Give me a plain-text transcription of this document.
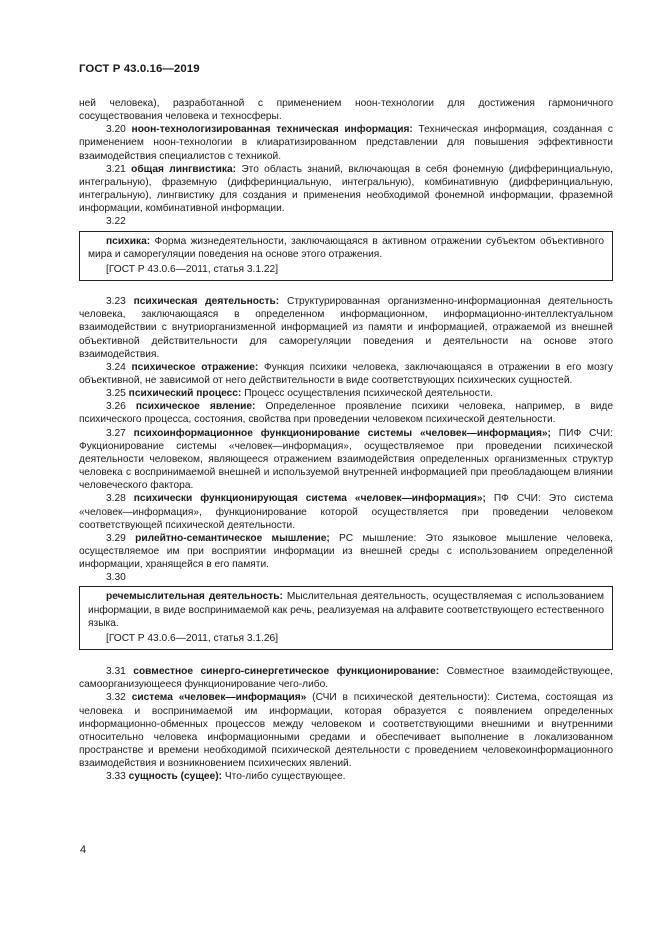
ГОСТ Р 43.0.16—2019

ней человека), разработанной с применением ноон-технологии для достижения гармоничного сосуществования человека и техносферы.

3.20 ноон-технологизированная техническая информация: Техническая информация, созданная с применением ноон-технологии в клиаратизированном представлении для повышения эффективности взаимодействия специалистов с техникой.

3.21 общая лингвистика: Это область знаний, включающая в себя фонемную (дифферинциальную, интегральную), фраземную (дифферинциальную, интегральную), комбинативную (дифферинциальную, интегральную), лингвистику для создания и применения необходимой фонемной информации, фраземной информации, комбинативной информации.

3.22

психика: Форма жизнедеятельности, заключающаяся в активном отражении субъектом объективного мира и саморегуляции поведения на основе этого отражения.

[ГОСТ Р 43.0.6—2011, статья 3.1.22]

3.23 психическая деятельность: Структурированная организменно-информационная деятельность человека, заключающаяся в определенном информационном, информационно-интеллектуальном взаимодействии с внутриорганизменной информацией из памяти и информацией, отражаемой из внешней объективной действительности для саморегуляции поведения и деятельности на основе этого взаимодействия.

3.24 психическое отражение: Функция психики человека, заключающаяся в отражении в его мозгу объективной, не зависимой от него действительности в виде соответствующих психических сущностей.

3.25 психический процесс: Процесс осуществления психической деятельности.

3.26 психическое явление: Определенное проявление психики человека, например, в виде психического процесса, состояния, свойства при проведении человеком психической деятельности.

3.27 психоинформационное функционирование системы «человек—информация»; ПИФ СЧИ: Фукционирование системы «человек—информация», осуществляемое при проведении психической деятельности человеком, являющееся отражением взаимодействия определенных организменных структур человека с воспринимаемой внешней и используемой внутренней информацией при преобладающем влиянии человеческого фактора.

3.28 психически функционирующая система «человек—информация»; ПФ СЧИ: Это система «человек—информация», функционирование которой осуществляется при проведении человеком соответствующей психической деятельности.

3.29 рилейтно-семантическое мышление; РС мышление: Это языковое мышление человека, осуществляемое им при восприятии информации из внешней среды с использованием определенной информации, хранящейся в его памяти.

3.30

речемыслительная деятельность: Мыслительная деятельность, осуществляемая с использованием информации, в виде воспринимаемой как речь, реализуемая на алфавите соответствующего естественного языка.

[ГОСТ Р 43.0.6—2011, статья 3.1.26]

3.31 совместное синерго-синергетическое функционирование: Совместное взаимодействующее, самоорганизующееся функционирование чего-либо.

3.32 система «человек—информация» (СЧИ в психической деятельности): Система, состоящая из человека и воспринимаемой им информации, которая образуется с появлением определенных информационно-обменных процессов между человеком и соответствующими внешними и внутренними относительно человека информационными средами и обеспечивает выполнение в локализованном пространстве и времени необходимой психической деятельности с проведением человекоинформационного взаимодействия и возникновением психических явлений.

3.33 сущность (сущее): Что-либо существующее.

4
